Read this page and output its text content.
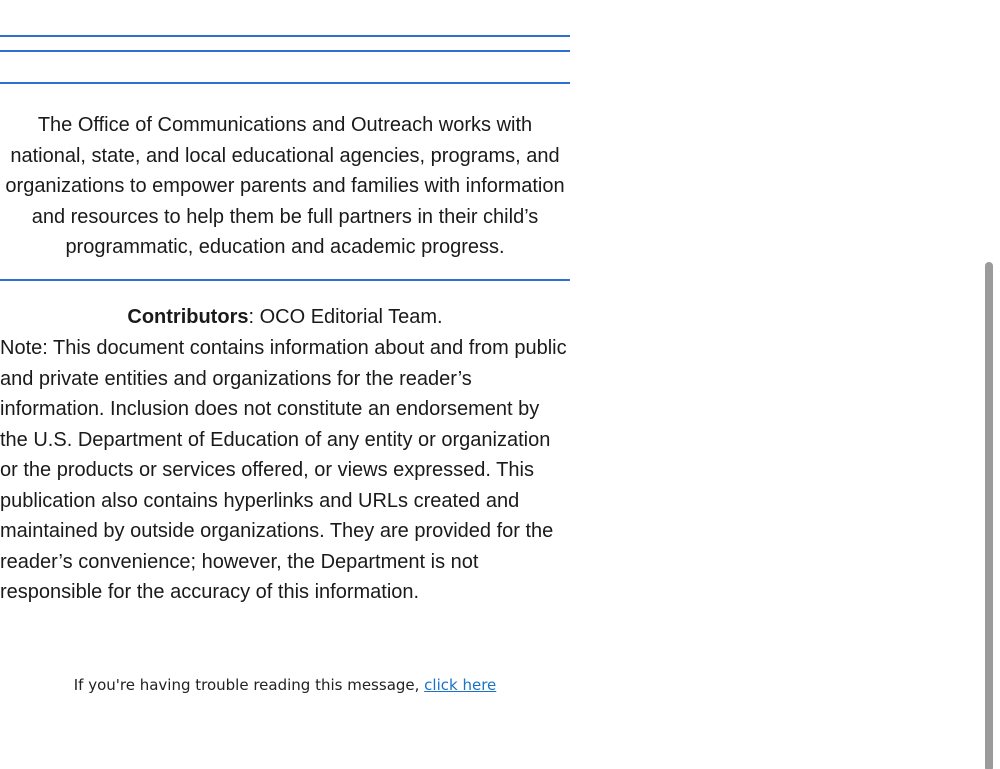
The Office of Communications and Outreach works with national, state, and local educational agencies, programs, and organizations to empower parents and families with information and resources to help them be full partners in their child’s programmatic, education and academic progress.

Contributors: OCO Editorial Team.

Note: This document contains information about and from public and private entities and organizations for the reader’s information. Inclusion does not constitute an endorsement by the U.S. Department of Education of any entity or organization or the products or services offered, or views expressed. This publication also contains hyperlinks and URLs created and maintained by outside organizations. They are provided for the reader’s convenience; however, the Department is not responsible for the accuracy of this information.

If you're having trouble reading this message, click here
